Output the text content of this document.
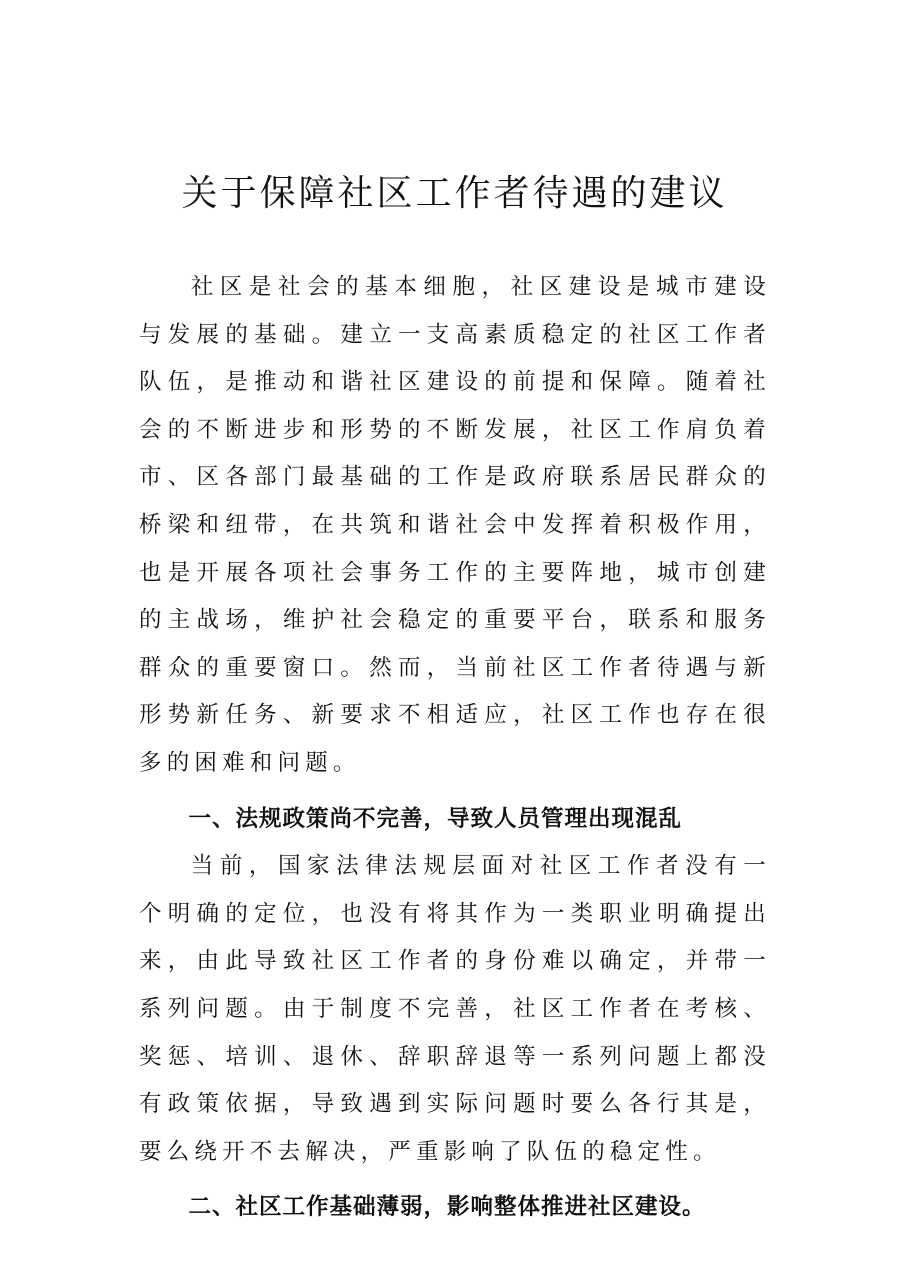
关于保障社区工作者待遇的建议

社区是社会的基本细胞，社区建设是城市建设与发展的基础。建立一支高素质稳定的社区工作者队伍，是推动和谐社区建设的前提和保障。随着社会的不断进步和形势的不断发展，社区工作肩负着市、区各部门最基础的工作是政府联系居民群众的桥梁和纽带，在共筑和谐社会中发挥着积极作用，也是开展各项社会事务工作的主要阵地，城市创建的主战场，维护社会稳定的重要平台，联系和服务群众的重要窗口。然而，当前社区工作者待遇与新形势新任务、新要求不相适应，社区工作也存在很多的困难和问题。

一、法规政策尚不完善，导致人员管理出现混乱

当前，国家法律法规层面对社区工作者没有一个明确的定位，也没有将其作为一类职业明确提出来，由此导致社区工作者的身份难以确定，并带一系列问题。由于制度不完善，社区工作者在考核、奖惩、培训、退休、辞职辞退等一系列问题上都没有政策依据，导致遇到实际问题时要么各行其是，要么绕开不去解决，严重影响了队伍的稳定性。

二、社区工作基础薄弱，影响整体推进社区建设。
